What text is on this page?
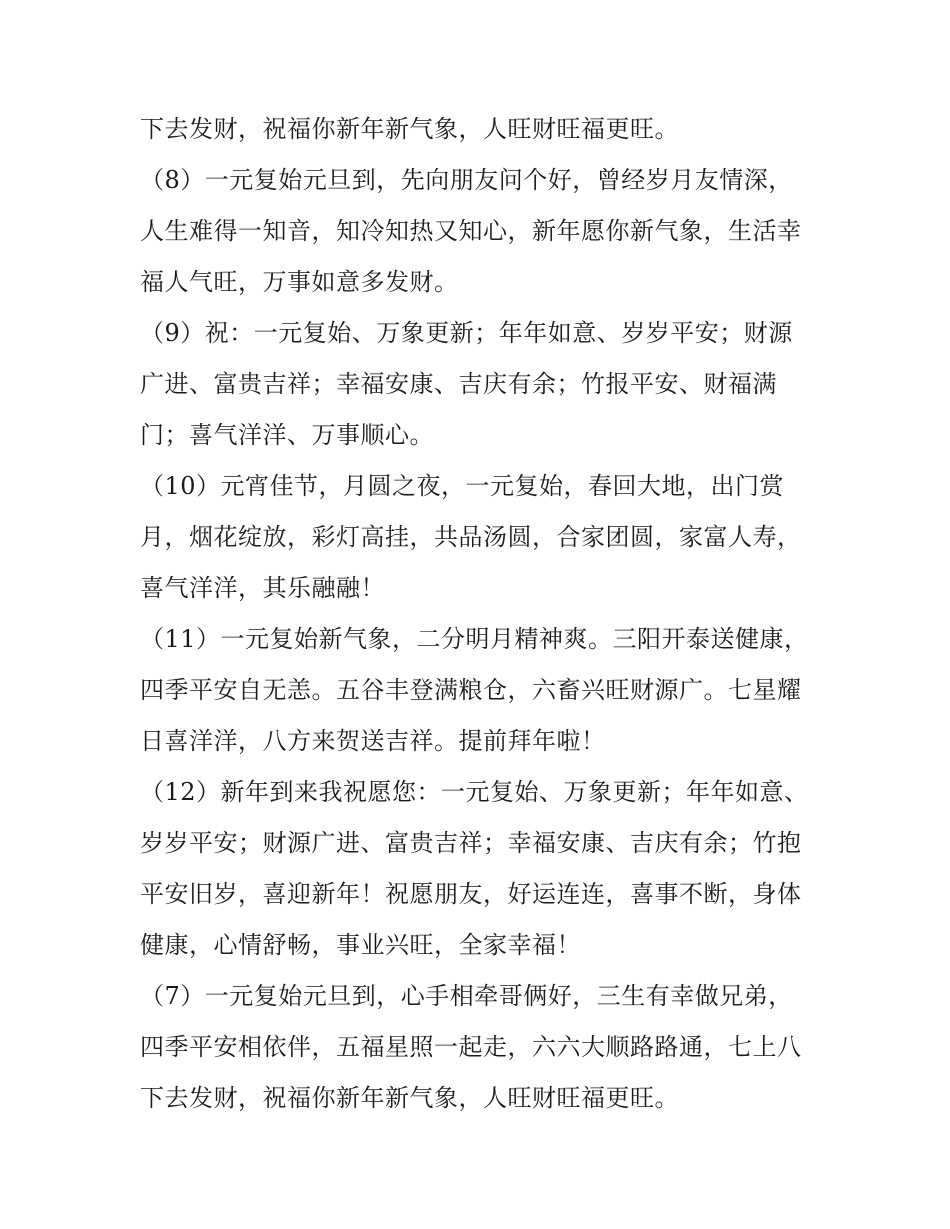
下去发财，祝福你新年新气象，人旺财旺福更旺。
（8）一元复始元旦到，先向朋友问个好，曾经岁月友情深，
人生难得一知音，知冷知热又知心，新年愿你新气象，生活幸
福人气旺，万事如意多发财。
（9）祝：一元复始、万象更新；年年如意、岁岁平安；财源
广进、富贵吉祥；幸福安康、吉庆有余；竹报平安、财福满
门；喜气洋洋、万事顺心。
（10）元宵佳节，月圆之夜，一元复始，春回大地，出门赏
月，烟花绽放，彩灯高挂，共品汤圆，合家团圆，家富人寿，
喜气洋洋，其乐融融！
（11）一元复始新气象，二分明月精神爽。三阳开泰送健康，
四季平安自无恙。五谷丰登满粮仓，六畜兴旺财源广。七星耀
日喜洋洋，八方来贺送吉祥。提前拜年啦！
（12）新年到来我祝愿您：一元复始、万象更新；年年如意、
岁岁平安；财源广进、富贵吉祥；幸福安康、吉庆有余；竹抱
平安旧岁，喜迎新年！祝愿朋友，好运连连，喜事不断，身体
健康，心情舒畅，事业兴旺，全家幸福！
（7）一元复始元旦到，心手相牵哥俩好，三生有幸做兄弟，
四季平安相依伴，五福星照一起走，六六大顺路路通，七上八
下去发财，祝福你新年新气象，人旺财旺福更旺。
